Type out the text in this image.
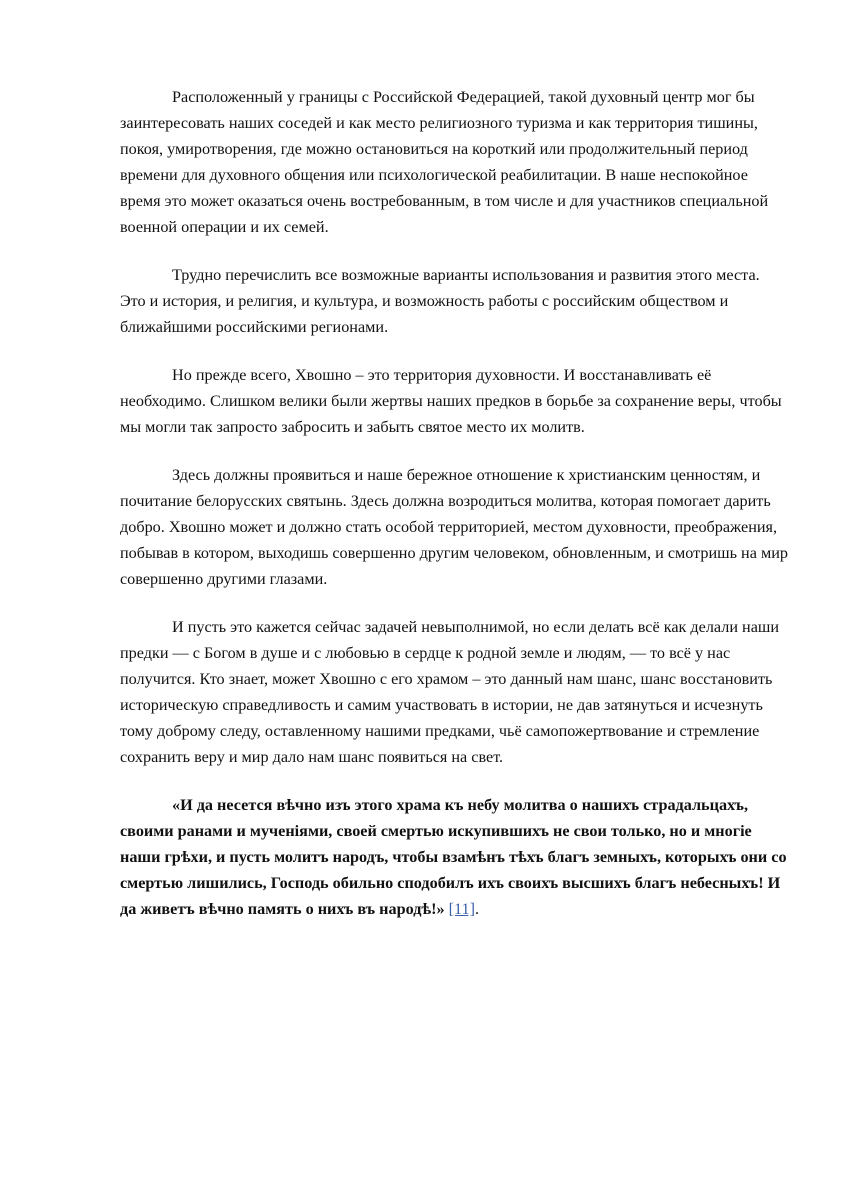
Расположенный у границы с Российской Федерацией, такой духовный центр мог бы заинтересовать наших соседей и как место религиозного туризма и как территория тишины, покоя, умиротворения, где можно остановиться на короткий или продолжительный период времени для духовного общения или психологической реабилитации. В наше неспокойное время это может оказаться очень востребованным, в том числе и для участников специальной военной операции и их семей.

Трудно перечислить все возможные варианты использования и развития этого места. Это и история, и религия, и культура, и возможность работы с российским обществом и ближайшими российскими регионами.

Но прежде всего, Хвошно – это территория духовности. И восстанавливать её необходимо. Слишком велики были жертвы наших предков в борьбе за сохранение веры, чтобы мы могли так запросто забросить и забыть святое место их молитв.

Здесь должны проявиться и наше бережное отношение к христианским ценностям, и почитание белорусских святынь. Здесь должна возродиться молитва, которая помогает дарить добро. Хвошно может и должно стать особой территорией, местом духовности, преображения, побывав в котором, выходишь совершенно другим человеком, обновленным, и смотришь на мир совершенно другими глазами.

И пусть это кажется сейчас задачей невыполнимой, но если делать всё как делали наши предки — с Богом в душе и с любовью в сердце к родной земле и людям, — то всё у нас получится. Кто знает, может Хвошно с его храмом – это данный нам шанс, шанс восстановить историческую справедливость и самим участвовать в истории, не дав затянуться и исчезнуть тому доброму следу, оставленному нашими предками, чьё самопожертвование и стремление сохранить веру и мир дало нам шанс появиться на свет.

«И да несется вѣчно изъ этого храма къ небу молитва о нашихъ страдальцахъ, своими ранами и мученіями, своей смертью искупившихъ не свои только, но и многіе наши грѣхи, и пусть молитъ народъ, чтобы взамѣнъ тѣхъ благъ земныхъ, которыхъ они со смертью лишились, Господь обильно сподобилъ ихъ своихъ высшихъ благъ небесныхъ! И да живетъ вѣчно память о нихъ въ народѣ!» [11].
